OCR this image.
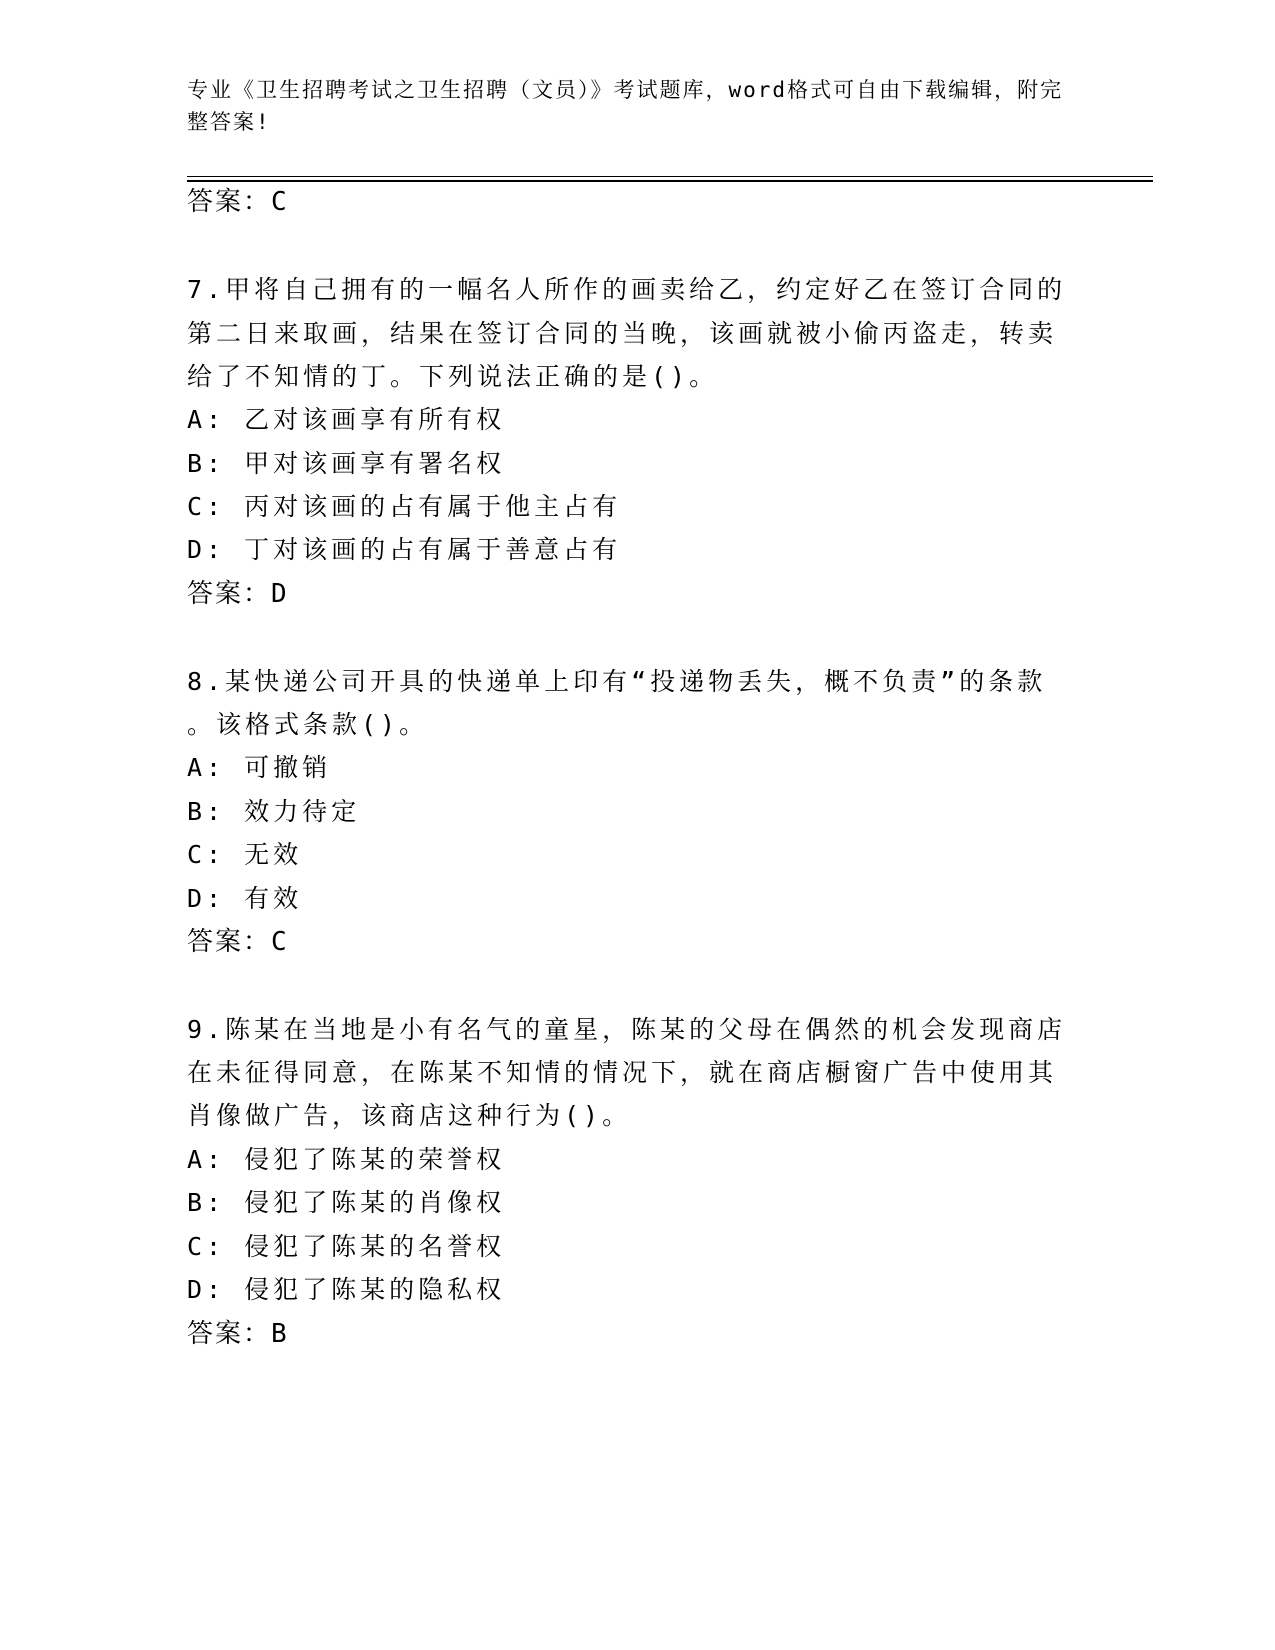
专业《卫生招聘考试之卫生招聘（文员）》考试题库，word格式可自由下载编辑，附完整答案!
答案：C
7.甲将自己拥有的一幅名人所作的画卖给乙，约定好乙在签订合同的
第二日来取画，结果在签订合同的当晚，该画就被小偷丙盗走，转卖
给了不知情的丁。下列说法正确的是()。
A: 乙对该画享有所有权
B: 甲对该画享有署名权
C: 丙对该画的占有属于他主占有
D: 丁对该画的占有属于善意占有
答案：D
8.某快递公司开具的快递单上印有“投递物丢失，概不负责”的条款
。该格式条款()。
A: 可撤销
B: 效力待定
C: 无效
D: 有效
答案：C
9.陈某在当地是小有名气的童星，陈某的父母在偶然的机会发现商店
在未征得同意，在陈某不知情的情况下，就在商店橱窗广告中使用其
肖像做广告，该商店这种行为()。
A: 侵犯了陈某的荣誉权
B: 侵犯了陈某的肖像权
C: 侵犯了陈某的名誉权
D: 侵犯了陈某的隐私权
答案：B
